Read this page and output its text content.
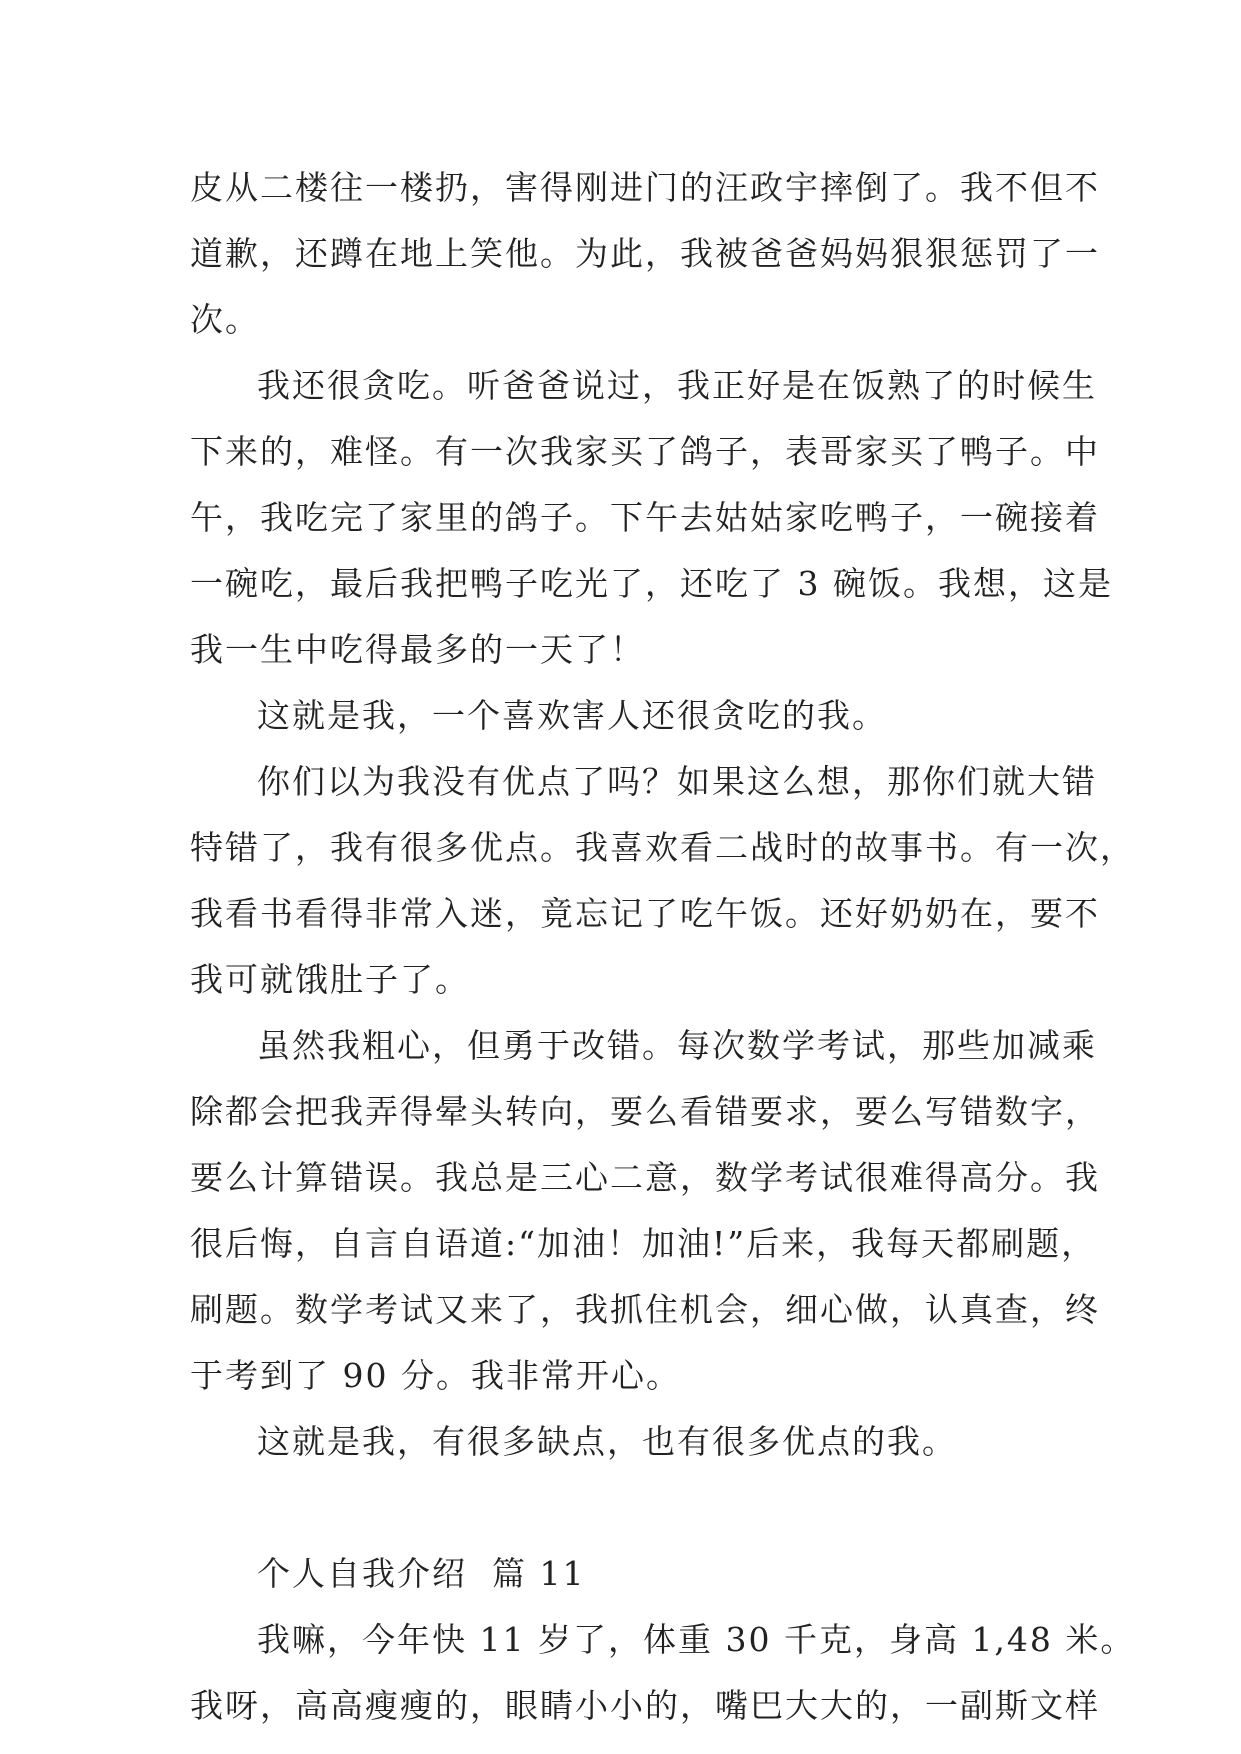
皮从二楼往一楼扔，害得刚进门的汪政宇摔倒了。我不但不
道歉，还蹲在地上笑他。为此，我被爸爸妈妈狠狠惩罚了一
次。
我还很贪吃。听爸爸说过，我正好是在饭熟了的时候生
下来的，难怪。有一次我家买了鸽子，表哥家买了鸭子。中
午，我吃完了家里的鸽子。下午去姑姑家吃鸭子，一碗接着
一碗吃，最后我把鸭子吃光了，还吃了 3 碗饭。我想，这是
我一生中吃得最多的一天了！
这就是我，一个喜欢害人还很贪吃的我。
你们以为我没有优点了吗？如果这么想，那你们就大错
特错了，我有很多优点。我喜欢看二战时的故事书。有一次，
我看书看得非常入迷，竟忘记了吃午饭。还好奶奶在，要不
我可就饿肚子了。
虽然我粗心，但勇于改错。每次数学考试，那些加减乘
除都会把我弄得晕头转向，要么看错要求，要么写错数字，
要么计算错误。我总是三心二意，数学考试很难得高分。我
很后悔，自言自语道:“加油！加油!”后来，我每天都刷题，
刷题。数学考试又来了，我抓住机会，细心做，认真查，终
于考到了 90 分。我非常开心。
这就是我，有很多缺点，也有很多优点的我。
个人自我介绍  篇 11
我嘛，今年快 11 岁了，体重 30 千克，身高 1,48 米。
我呀，高高瘦瘦的，眼睛小小的，嘴巴大大的，一副斯文样
